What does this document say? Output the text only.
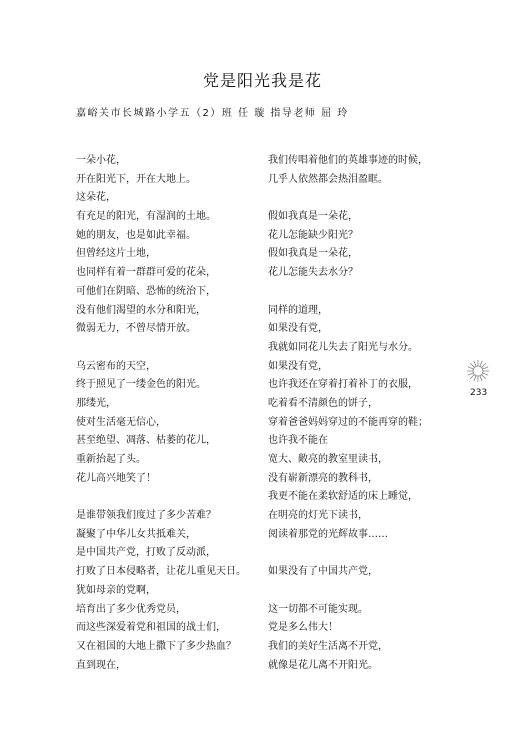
党是阳光我是花
嘉峪关市长城路小学五（2）班 任 璇 指导老师 屈 玲
一朵小花，
开在阳光下，开在大地上。
这朵花，
有充足的阳光，有湿润的土地。
她的朋友，也是如此幸福。
但曾经这片土地，
也同样有着一群群可爱的花朵，
可他们在阴暗、恐怖的统治下，
没有他们渴望的水分和阳光，
微弱无力，不曾尽情开放。
乌云密布的天空，
终于照见了一缕金色的阳光。
那缕光，
使对生活毫无信心，
甚至绝望、凋落、枯萎的花儿，
重新抬起了头。
花儿高兴地笑了！
是谁带领我们度过了多少苦难？
凝聚了中华儿女共抵难关，
是中国共产党，打败了反动派，
打败了日本侵略者，让花儿重见天日。
犹如母亲的党啊，
培育出了多少优秀党员，
而这些深爱着党和祖国的战士们，
又在祖国的大地上撒下了多少热血？
直到现在，
我们传唱着他们的英雄事迹的时候，
几乎人依然都会热泪盈眶。
假如我真是一朵花，
花儿怎能缺少阳光？
假如我真是一朵花，
花儿怎能失去水分？
同样的道理，
如果没有党，
我就如同花儿失去了阳光与水分。
如果没有党，
也许我还在穿着打着补丁的衣服，
吃着看不清颜色的饼子，
穿着爸爸妈妈穿过的不能再穿的鞋；
也许我不能在
宽大、敞亮的教室里读书，
没有崭新漂亮的教科书，
我更不能在柔软舒适的床上睡觉，
在明亮的灯光下读书，
阅读着那党的光辉故事……
如果没有了中国共产党，
这一切都不可能实现。
党是多么伟大！
我们的美好生活离不开党，
就像是花儿离不开阳光。
233
